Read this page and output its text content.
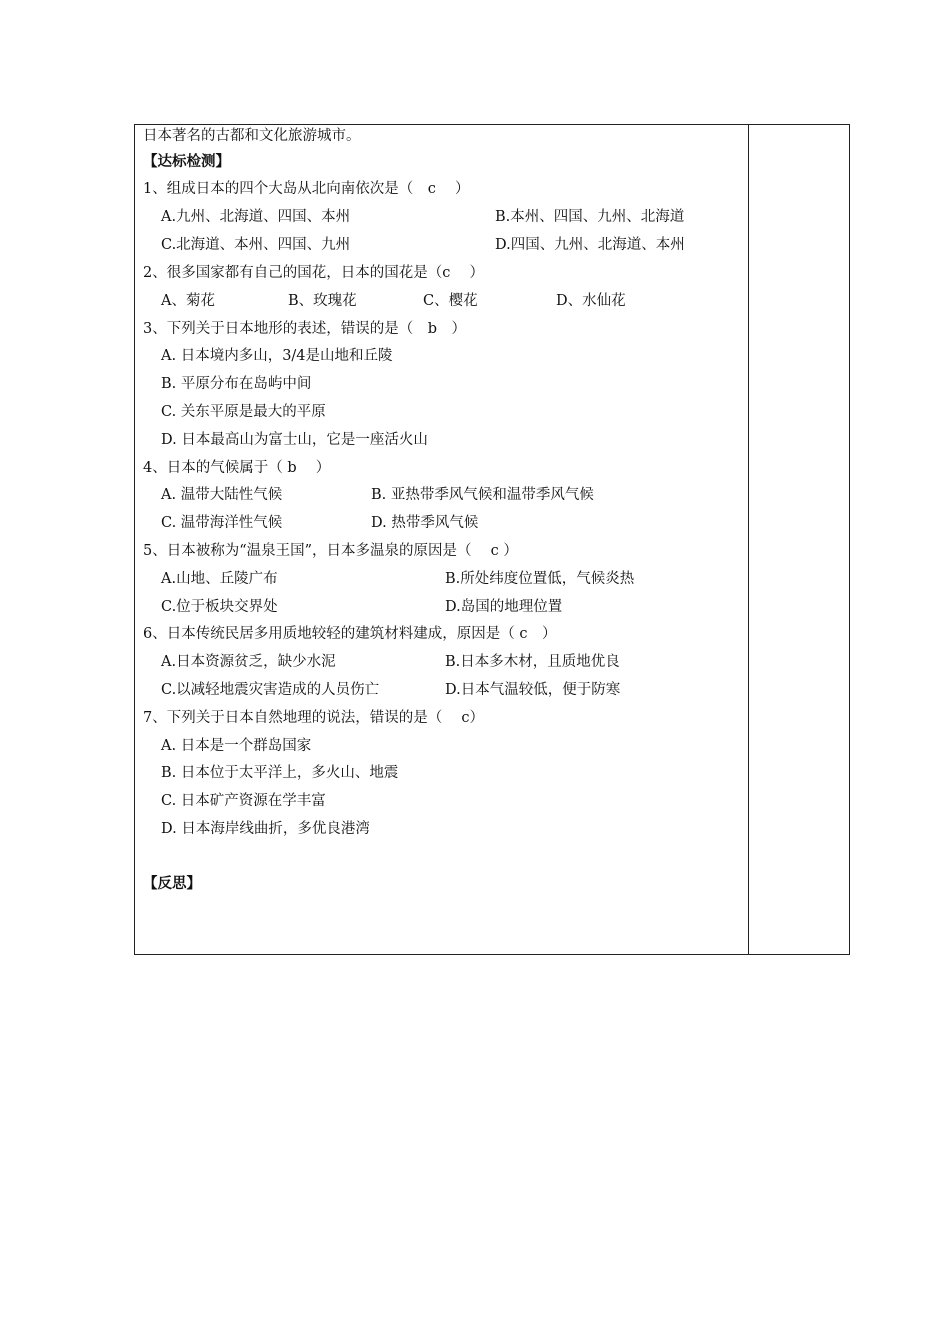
日本著名的古都和文化旅游城市。
【达标检测】
1、组成日本的四个大岛从北向南依次是（　c　 ）
A.九州、北海道、四国、本州	B.本州、四国、九州、北海道
C.北海道、本州、四国、九州	D.四国、九州、北海道、本州
2、很多国家都有自己的国花，日本的国花是（c　 ）
A、菊花	B、玫瑰花	C、樱花	D、水仙花
3、下列关于日本地形的表述，错误的是（　b　）
A. 日本境内多山，3/4是山地和丘陵
B. 平原分布在岛屿中间
C. 关东平原是最大的平原
D. 日本最高山为富士山，它是一座活火山
4、日本的气候属于（ b　 ）
A. 温带大陆性气候	B. 亚热带季风气候和温带季风气候
C. 温带海洋性气候	D. 热带季风气候
5、日本被称为“温泉王国”，日本多温泉的原因是（　 c ）
A.山地、丘陵广布	B.所处纬度位置低，气候炎热
C.位于板块交界处	D.岛国的地理位置
6、日本传统民居多用质地较轻的建筑材料建成，原因是（ c　）
A.日本资源贫乏，缺少水泥	B.日本多木材，且质地优良
C.以减轻地震灾害造成的人员伤亡	D.日本气温较低，便于防寒
7、下列关于日本自然地理的说法，错误的是（　 c）
A. 日本是一个群岛国家
B. 日本位于太平洋上，多火山、地震
C. 日本矿产资源在学丰富
D. 日本海岸线曲折，多优良港湾
【反思】
